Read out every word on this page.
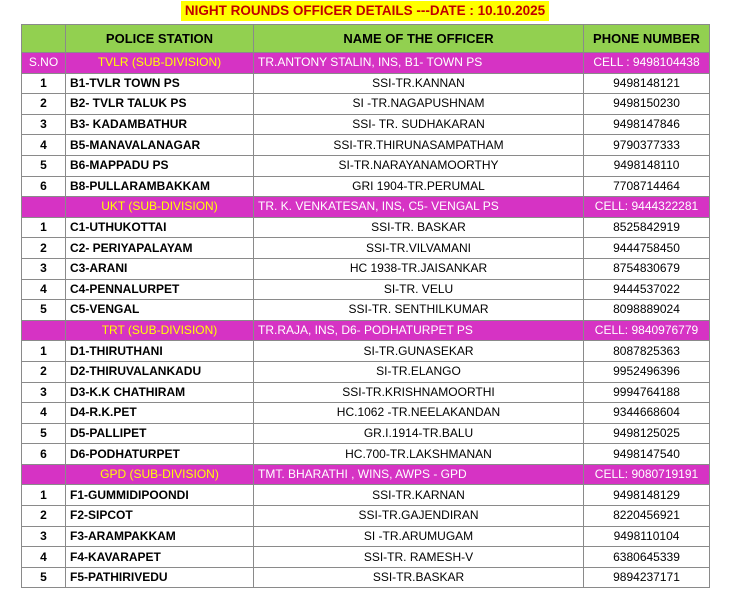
NIGHT ROUNDS OFFICER DETAILS ---DATE : 10.10.2025
	POLICE STATION	NAME OF THE OFFICER	PHONE NUMBER
S.NO	TVLR (SUB-DIVISION)	TR.ANTONY STALIN, INS, B1- TOWN PS	CELL : 9498104438
1	B1-TVLR TOWN PS	SSI-TR.KANNAN	9498148121
2	B2- TVLR TALUK PS	SI -TR.NAGAPUSHNAM	9498150230
3	B3- KADAMBATHUR	SSI- TR. SUDHAKARAN	9498147846
4	B5-MANAVALANAGAR	SSI-TR.THIRUNASAMPATHAM	9790377333
5	B6-MAPPADU PS	SI-TR.NARAYANAMOORTHY	9498148110
6	B8-PULLARAMBAKKAM	GRI 1904-TR.PERUMAL	7708714464
	UKT (SUB-DIVISION)	TR. K. VENKATESAN, INS, C5- VENGAL PS	CELL: 9444322281
1	C1-UTHUKOTTAI	SSI-TR. BASKAR	8525842919
2	C2- PERIYAPALAYAM	SSI-TR.VILVAMANI	9444758450
3	C3-ARANI	HC 1938-TR.JAISANKAR	8754830679
4	C4-PENNALURPET	SI-TR. VELU	9444537022
5	C5-VENGAL	SSI-TR. SENTHILKUMAR	8098889024
	TRT (SUB-DIVISION)	TR.RAJA, INS, D6- PODHATURPET PS	CELL: 9840976779
1	D1-THIRUTHANI	SI-TR.GUNASEKAR	8087825363
2	D2-THIRUVALANKADU	SI-TR.ELANGO	9952496396
3	D3-K.K CHATHIRAM	SSI-TR.KRISHNAMOORTHI	9994764188
4	D4-R.K.PET	HC.1062 -TR.NEELAKANDAN	9344668604
5	D5-PALLIPET	GR.I.1914-TR.BALU	9498125025
6	D6-PODHATURPET	HC.700-TR.LAKSHMANAN	9498147540
	GPD (SUB-DIVISION)	TMT. BHARATHI , WINS, AWPS - GPD	CELL: 9080719191
1	F1-GUMMIDIPOONDI	SSI-TR.KARNAN	9498148129
2	F2-SIPCOT	SSI-TR.GAJENDIRAN	8220456921
3	F3-ARAMPAKKAM	SI -TR.ARUMUGAM	9498110104
4	F4-KAVARAPET	SSI-TR. RAMESH-V	6380645339
5	F5-PATHIRIVEDU	SSI-TR.BASKAR	9894237171
